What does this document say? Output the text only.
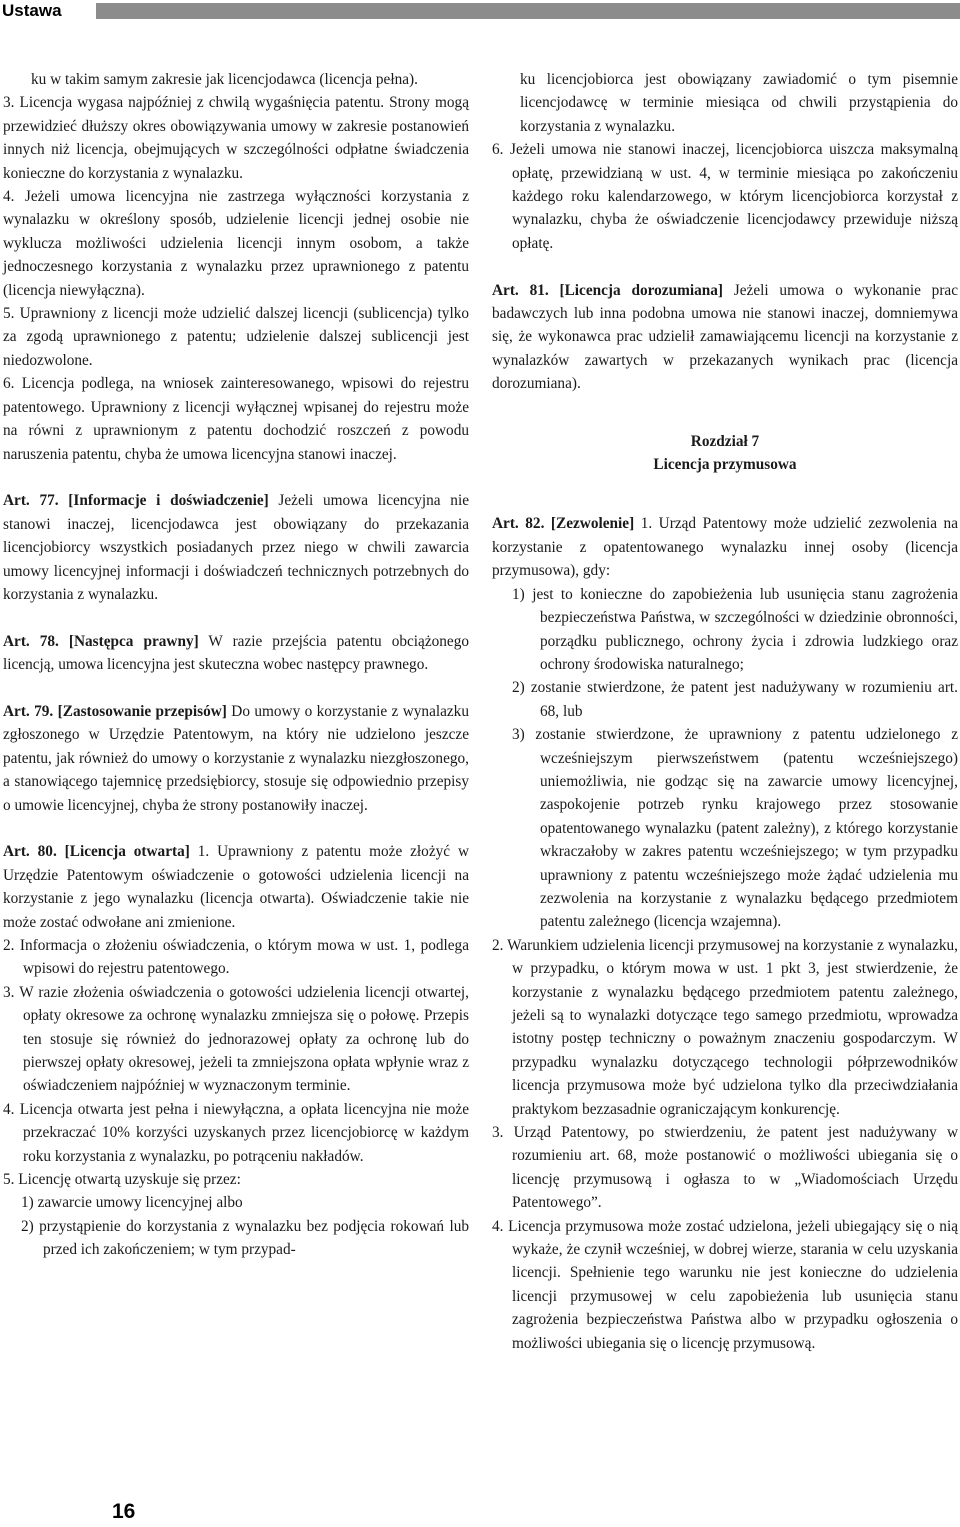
Ustawa

ku w takim samym zakresie jak licencjodawca (licencja pełna).

3. Licencja wygasa najpóźniej z chwilą wygaśnięcia patentu. Strony mogą przewidzieć dłuższy okres obowiązywania umowy w zakresie postanowień innych niż licencja, obejmujących w szczególności odpłatne świadczenia konieczne do korzystania z wynalazku.

4. Jeżeli umowa licencyjna nie zastrzega wyłączności korzystania z wynalazku w określony sposób, udzielenie licencji jednej osobie nie wyklucza możliwości udzielenia licencji innym osobom, a także jednoczesnego korzystania z wynalazku przez uprawnionego z patentu (licencja niewyłączna).

5. Uprawniony z licencji może udzielić dalszej licencji (sublicencja) tylko za zgodą uprawnionego z patentu; udzielenie dalszej sublicencji jest niedozwolone.

6. Licencja podlega, na wniosek zainteresowanego, wpisowi do rejestru patentowego. Uprawniony z licencji wyłącznej wpisanej do rejestru może na równi z uprawnionym z patentu dochodzić roszczeń z powodu naruszenia patentu, chyba że umowa licencyjna stanowi inaczej.

Art. 77. [Informacje i doświadczenie] Jeżeli umowa licencyjna nie stanowi inaczej, licencjodawca jest obowiązany do przekazania licencjobiorcy wszystkich posiadanych przez niego w chwili zawarcia umowy licencyjnej informacji i doświadczeń technicznych potrzebnych do korzystania z wynalazku.

Art. 78. [Następca prawny] W razie przejścia patentu obciążonego licencją, umowa licencyjna jest skuteczna wobec następcy prawnego.

Art. 79. [Zastosowanie przepisów] Do umowy o korzystanie z wynalazku zgłoszonego w Urzędzie Patentowym, na który nie udzielono jeszcze patentu, jak również do umowy o korzystanie z wynalazku niezgłoszonego, a stanowiącego tajemnicę przedsiębiorcy, stosuje się odpowiednio przepisy o umowie licencyjnej, chyba że strony postanowiły inaczej.

Art. 80. [Licencja otwarta] 1. Uprawniony z patentu może złożyć w Urzędzie Patentowym oświadczenie o gotowości udzielenia licencji na korzystanie z jego wynalazku (licencja otwarta). Oświadczenie takie nie może zostać odwołane ani zmienione.

2. Informacja o złożeniu oświadczenia, o którym mowa w ust. 1, podlega wpisowi do rejestru patentowego.

3. W razie złożenia oświadczenia o gotowości udzielenia licencji otwartej, opłaty okresowe za ochronę wynalazku zmniejsza się o połowę. Przepis ten stosuje się również do jednorazowej opłaty za ochronę lub do pierwszej opłaty okresowej, jeżeli ta zmniejszona opłata wpłynie wraz z oświadczeniem najpóźniej w wyznaczonym terminie.

4. Licencja otwarta jest pełna i niewyłączna, a opłata licencyjna nie może przekraczać 10% korzyści uzyskanych przez licencjobiorcę w każdym roku korzystania z wynalazku, po potrąceniu nakładów.

5. Licencję otwartą uzyskuje się przez:

1) zawarcie umowy licencyjnej albo

2) przystąpienie do korzystania z wynalazku bez podjęcia rokowań lub przed ich zakończeniem; w tym przypad-

ku licencjobiorca jest obowiązany zawiadomić o tym pisemnie licencjodawcę w terminie miesiąca od chwili przystąpienia do korzystania z wynalazku.

6. Jeżeli umowa nie stanowi inaczej, licencjobiorca uiszcza maksymalną opłatę, przewidzianą w ust. 4, w terminie miesiąca po zakończeniu każdego roku kalendarzowego, w którym licencjobiorca korzystał z wynalazku, chyba że oświadczenie licencjodawcy przewiduje niższą opłatę.

Art. 81. [Licencja dorozumiana] Jeżeli umowa o wykonanie prac badawczych lub inna podobna umowa nie stanowi inaczej, domniemywa się, że wykonawca prac udzielił zamawiającemu licencji na korzystanie z wynalazków zawartych w przekazanych wynikach prac (licencja dorozumiana).

Rozdział 7

Licencja przymusowa

Art. 82. [Zezwolenie] 1. Urząd Patentowy może udzielić zezwolenia na korzystanie z opatentowanego wynalazku innej osoby (licencja przymusowa), gdy:

1) jest to konieczne do zapobieżenia lub usunięcia stanu zagrożenia bezpieczeństwa Państwa, w szczególności w dziedzinie obronności, porządku publicznego, ochrony życia i zdrowia ludzkiego oraz ochrony środowiska naturalnego;

2) zostanie stwierdzone, że patent jest nadużywany w rozumieniu art. 68, lub

3) zostanie stwierdzone, że uprawniony z patentu udzielonego z wcześniejszym pierwszeństwem (patentu wcześniejszego) uniemożliwia, nie godząc się na zawarcie umowy licencyjnej, zaspokojenie potrzeb rynku krajowego przez stosowanie opatentowanego wynalazku (patent zależny), z którego korzystanie wkraczałoby w zakres patentu wcześniejszego; w tym przypadku uprawniony z patentu wcześniejszego może żądać udzielenia mu zezwolenia na korzystanie z wynalazku będącego przedmiotem patentu zależnego (licencja wzajemna).

2. Warunkiem udzielenia licencji przymusowej na korzystanie z wynalazku, w przypadku, o którym mowa w ust. 1 pkt 3, jest stwierdzenie, że korzystanie z wynalazku będącego przedmiotem patentu zależnego, jeżeli są to wynalazki dotyczące tego samego przedmiotu, wprowadza istotny postęp techniczny o poważnym znaczeniu gospodarczym. W przypadku wynalazku dotyczącego technologii półprzewodników licencja przymusowa może być udzielona tylko dla przeciwdziałania praktykom bezzasadnie ograniczającym konkurencję.

3. Urząd Patentowy, po stwierdzeniu, że patent jest nadużywany w rozumieniu art. 68, może postanowić o możliwości ubiegania się o licencję przymusową i ogłasza to w „Wiadomościach Urzędu Patentowego”.

4. Licencja przymusowa może zostać udzielona, jeżeli ubiegający się o nią wykaże, że czynił wcześniej, w dobrej wierze, starania w celu uzyskania licencji. Spełnienie tego warunku nie jest konieczne do udzielenia licencji przymusowej w celu zapobieżenia lub usunięcia stanu zagrożenia bezpieczeństwa Państwa albo w przypadku ogłoszenia o możliwości ubiegania się o licencję przymusową.

16
